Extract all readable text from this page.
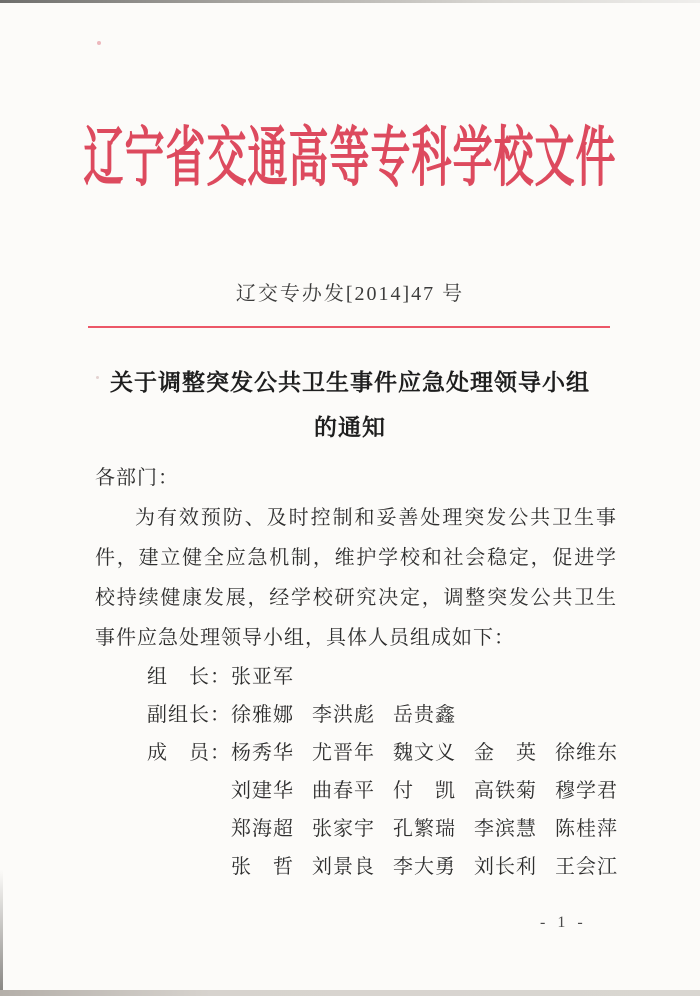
辽宁省交通高等专科学校文件
辽交专办发[2014]47 号
关于调整突发公共卫生事件应急处理领导小组
的通知
各部门：

为有效预防、及时控制和妥善处理突发公共卫生事件，建立健全应急机制，维护学校和社会稳定，促进学校持续健康发展，经学校研究决定，调整突发公共卫生事件应急处理领导小组，具体人员组成如下：

组　长： 张亚军
副组长： 徐雅娜 李洪彪 岳贵鑫
成　员： 杨秀华 尤晋年 魏文义 金　英 徐维东
刘建华 曲春平 付　凯 高铁菊 穆学君
郑海超 张家宇 孔繁瑞 李滨慧 陈桂萍
张　哲 刘景良 李大勇 刘长利 王会江
- 1 -
